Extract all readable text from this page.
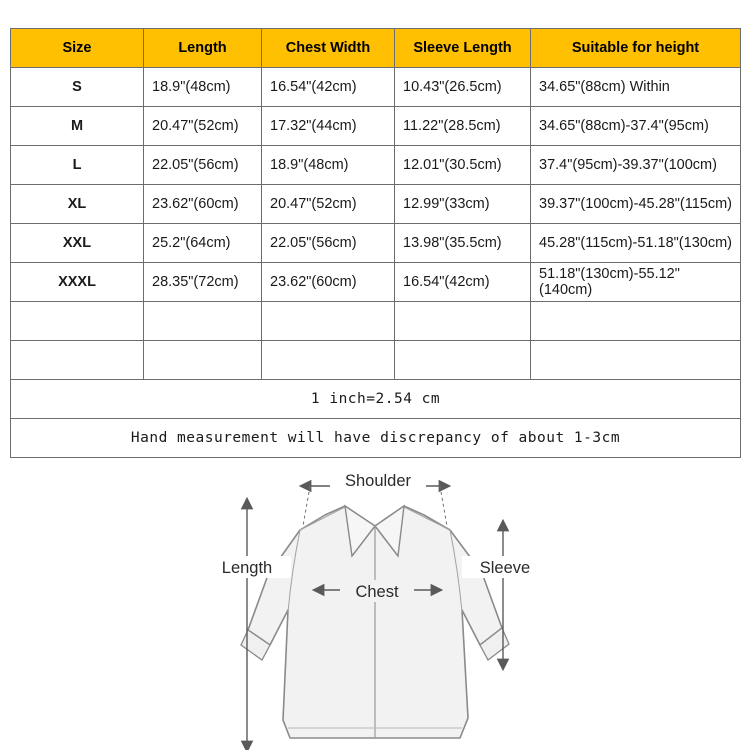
Size	Length	Chest Width	Sleeve Length	Suitable for height
S	18.9"(48cm)	16.54"(42cm)	10.43"(26.5cm)	34.65"(88cm) Within
M	20.47"(52cm)	17.32"(44cm)	11.22"(28.5cm)	34.65"(88cm)-37.4"(95cm)
L	22.05"(56cm)	18.9"(48cm)	12.01"(30.5cm)	37.4"(95cm)-39.37"(100cm)
XL	23.62"(60cm)	20.47"(52cm)	12.99"(33cm)	39.37"(100cm)-45.28"(115cm)
XXL	25.2"(64cm)	22.05"(56cm)	13.98"(35.5cm)	45.28"(115cm)-51.18"(130cm)
XXXL	28.35"(72cm)	23.62"(60cm)	16.54"(42cm)	51.18"(130cm)-55.12"(140cm)

1 inch=2.54 cm				
Hand measurement will have discrepancy of about 1-3cm				
Shoulder
Length	Sleeve
Chest
